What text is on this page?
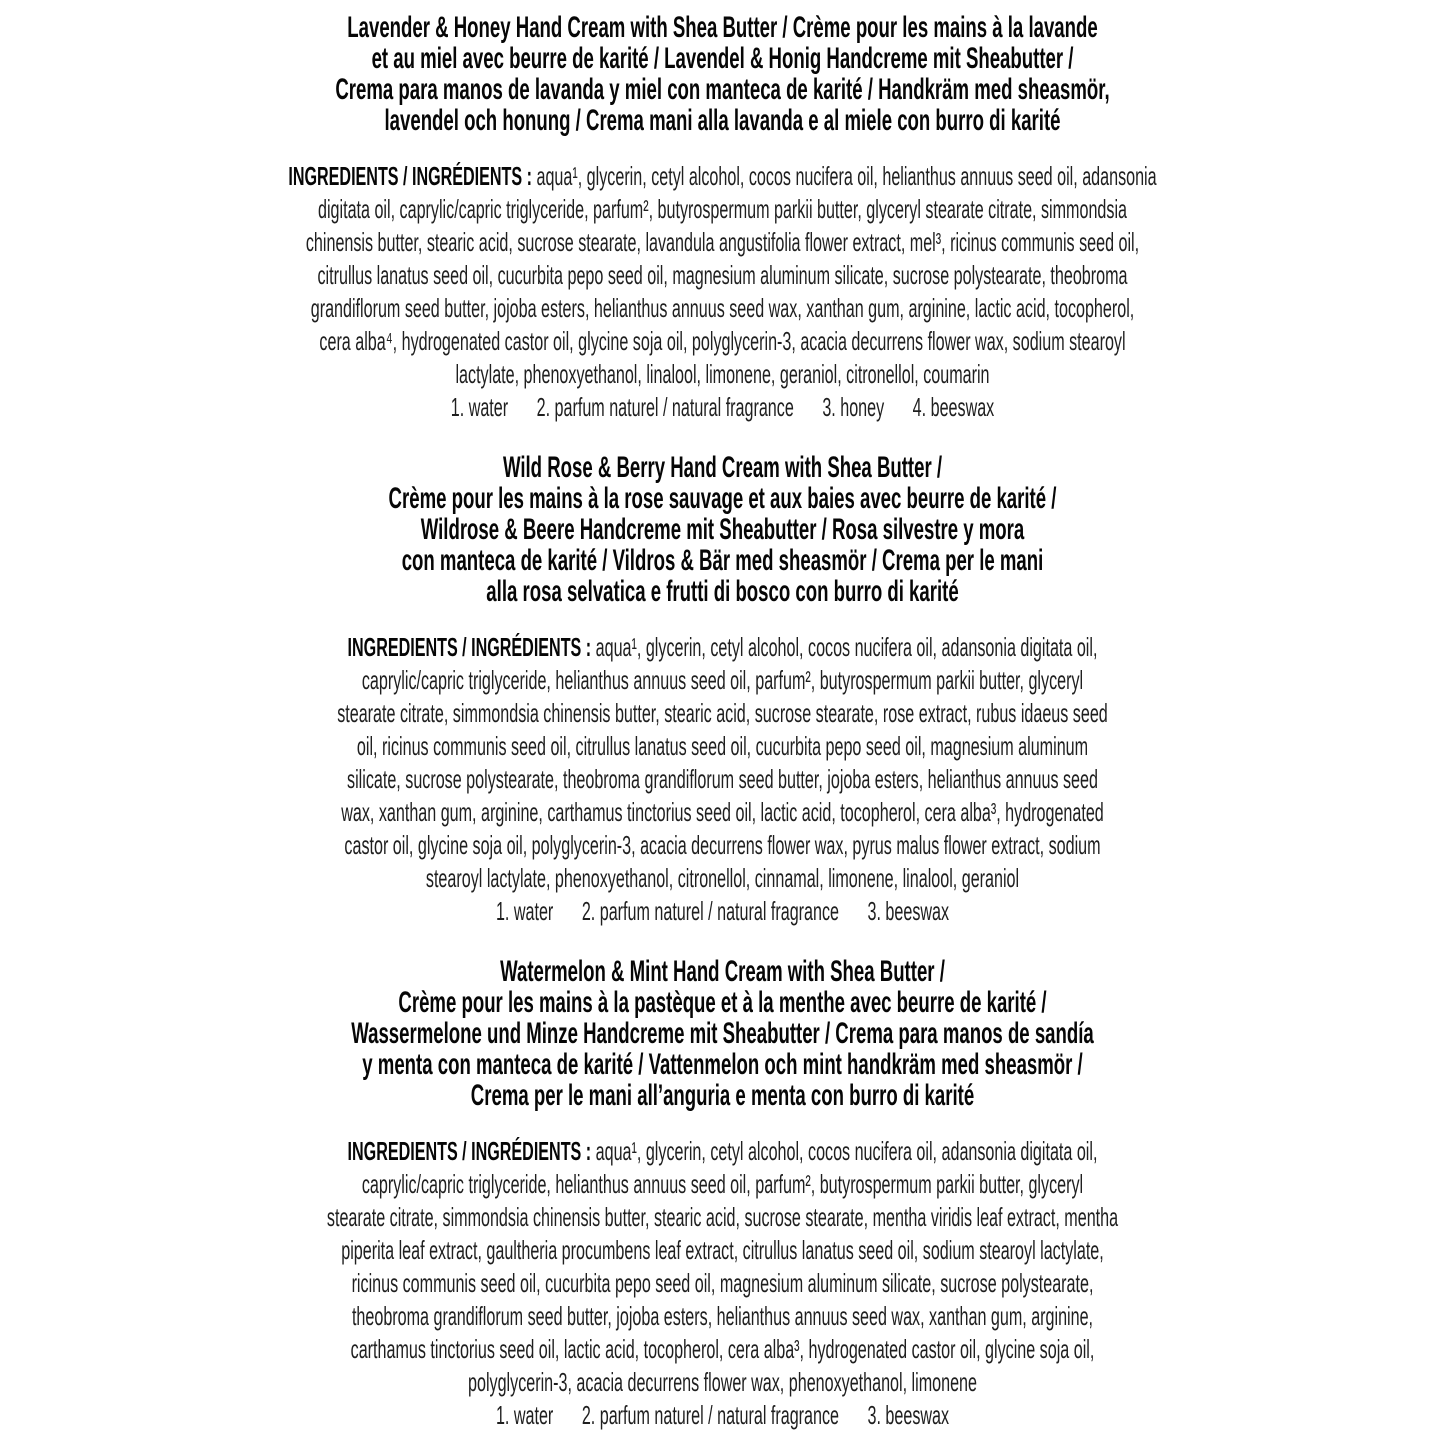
Lavender & Honey Hand Cream with Shea Butter / Crème pour les mains à la lavande
et au miel avec beurre de karité / Lavendel & Honig Handcreme mit Sheabutter /
Crema para manos de lavanda y miel con manteca de karité / Handkräm med sheasmör,
lavendel och honung / Crema mani alla lavanda e al miele con burro di karité
INGREDIENTS / INGRÉDIENTS : aqua¹, glycerin, cetyl alcohol, cocos nucifera oil, helianthus annuus seed oil, adansonia
digitata oil, caprylic/capric triglyceride, parfum², butyrospermum parkii butter, glyceryl stearate citrate, simmondsia
chinensis butter, stearic acid, sucrose stearate, lavandula angustifolia flower extract, mel³, ricinus communis seed oil,
citrullus lanatus seed oil, cucurbita pepo seed oil, magnesium aluminum silicate, sucrose polystearate, theobroma
grandiflorum seed butter, jojoba esters, helianthus annuus seed wax, xanthan gum, arginine, lactic acid, tocopherol,
cera alba⁴, hydrogenated castor oil, glycine soja oil, polyglycerin-3, acacia decurrens flower wax, sodium stearoyl
lactylate, phenoxyethanol, linalool, limonene, geraniol, citronellol, coumarin
1. water 2. parfum naturel / natural fragrance 3. honey 4. beeswax
Wild Rose & Berry Hand Cream with Shea Butter /
Crème pour les mains à la rose sauvage et aux baies avec beurre de karité /
Wildrose & Beere Handcreme mit Sheabutter / Rosa silvestre y mora
con manteca de karité / Vildros & Bär med sheasmör / Crema per le mani
alla rosa selvatica e frutti di bosco con burro di karité
INGREDIENTS / INGRÉDIENTS : aqua¹, glycerin, cetyl alcohol, cocos nucifera oil, adansonia digitata oil,
caprylic/capric triglyceride, helianthus annuus seed oil, parfum², butyrospermum parkii butter, glyceryl
stearate citrate, simmondsia chinensis butter, stearic acid, sucrose stearate, rose extract, rubus idaeus seed
oil, ricinus communis seed oil, citrullus lanatus seed oil, cucurbita pepo seed oil, magnesium aluminum
silicate, sucrose polystearate, theobroma grandiflorum seed butter, jojoba esters, helianthus annuus seed
wax, xanthan gum, arginine, carthamus tinctorius seed oil, lactic acid, tocopherol, cera alba³, hydrogenated
castor oil, glycine soja oil, polyglycerin-3, acacia decurrens flower wax, pyrus malus flower extract, sodium
stearoyl lactylate, phenoxyethanol, citronellol, cinnamal, limonene, linalool, geraniol
1. water 2. parfum naturel / natural fragrance 3. beeswax
Watermelon & Mint Hand Cream with Shea Butter /
Crème pour les mains à la pastèque et à la menthe avec beurre de karité /
Wassermelone und Minze Handcreme mit Sheabutter / Crema para manos de sandía
y menta con manteca de karité / Vattenmelon och mint handkräm med sheasmör /
Crema per le mani all’anguria e menta con burro di karité
INGREDIENTS / INGRÉDIENTS : aqua¹, glycerin, cetyl alcohol, cocos nucifera oil, adansonia digitata oil,
caprylic/capric triglyceride, helianthus annuus seed oil, parfum², butyrospermum parkii butter, glyceryl
stearate citrate, simmondsia chinensis butter, stearic acid, sucrose stearate, mentha viridis leaf extract, mentha
piperita leaf extract, gaultheria procumbens leaf extract, citrullus lanatus seed oil, sodium stearoyl lactylate,
ricinus communis seed oil, cucurbita pepo seed oil, magnesium aluminum silicate, sucrose polystearate,
theobroma grandiflorum seed butter, jojoba esters, helianthus annuus seed wax, xanthan gum, arginine,
carthamus tinctorius seed oil, lactic acid, tocopherol, cera alba³, hydrogenated castor oil, glycine soja oil,
polyglycerin-3, acacia decurrens flower wax, phenoxyethanol, limonene
1. water 2. parfum naturel / natural fragrance 3. beeswax
